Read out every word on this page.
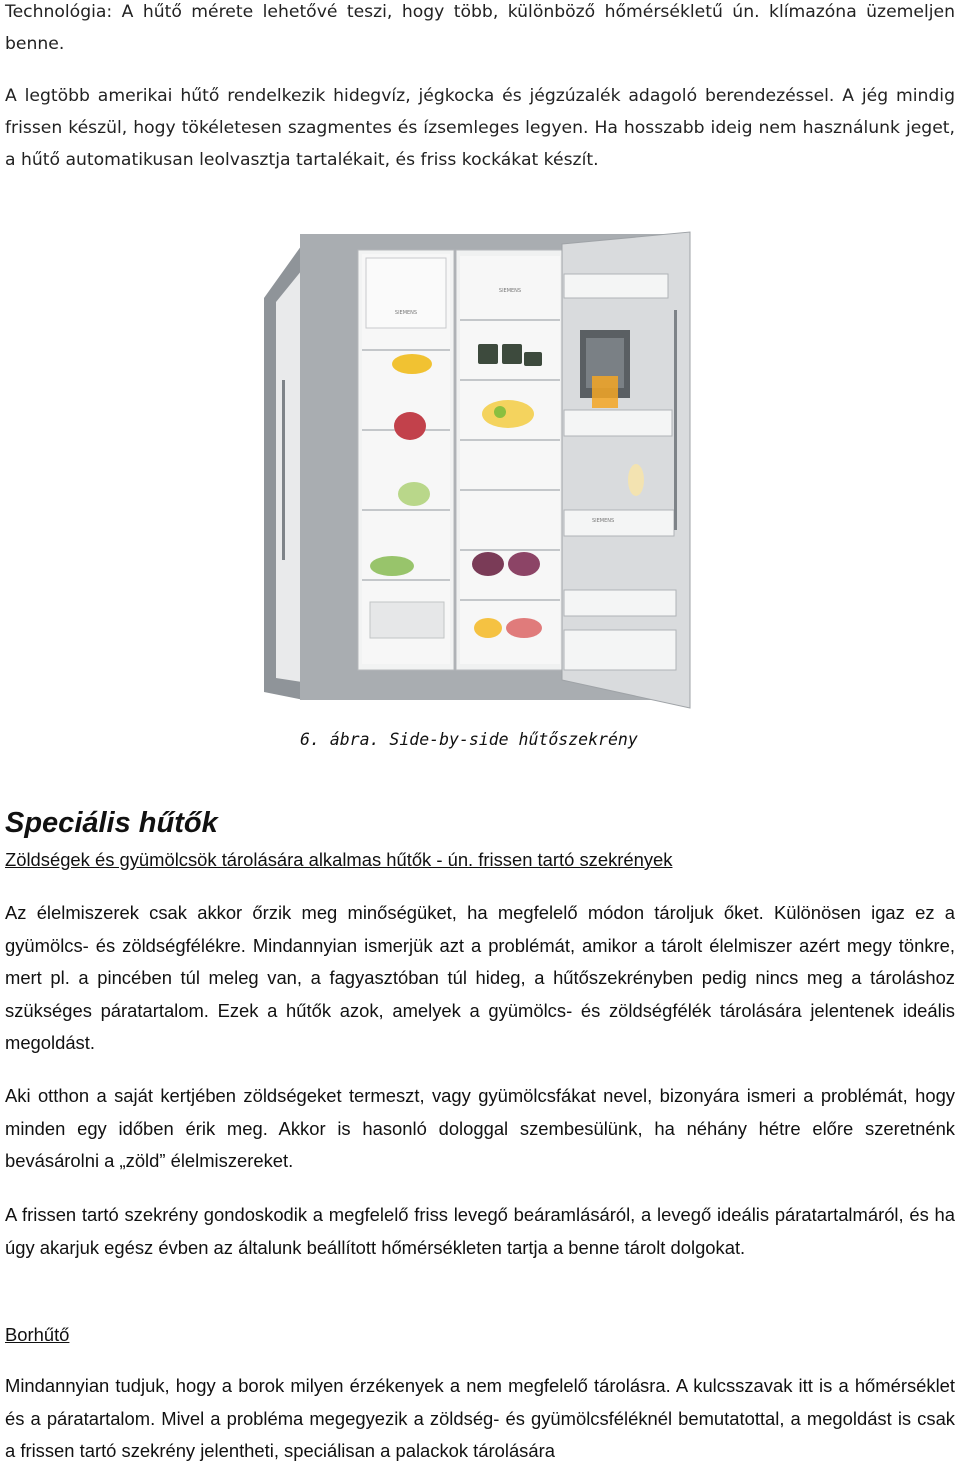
Technológia: A hűtő mérete lehetővé teszi, hogy több, különböző hőmérsékletű ún. klímazóna üzemeljen benne.

A legtöbb amerikai hűtő rendelkezik hidegvíz, jégkocka és jégzúzalék adagoló berendezéssel. A jég mindig frissen készül, hogy tökéletesen szagmentes és ízsemleges legyen. Ha hosszabb ideig nem használunk jeget, a hűtő automatikusan leolvasztja tartalékait, és friss kockákat készít.

SIEMENS
SIEMENS
SIEMENS
6. ábra. Side-by-side hűtőszekrény
Speciális hűtők

Zöldségek és gyümölcsök tárolására alkalmas hűtők - ún. frissen tartó szekrények

Az élelmiszerek csak akkor őrzik meg minőségüket, ha megfelelő módon tároljuk őket. Különösen igaz ez a gyümölcs- és zöldségfélékre. Mindannyian ismerjük azt a problémát, amikor a tárolt élelmiszer azért megy tönkre, mert pl. a pincében túl meleg van, a fagyasztóban túl hideg, a hűtőszekrényben pedig nincs meg a tároláshoz szükséges páratartalom. Ezek a hűtők azok, amelyek a gyümölcs- és zöldségfélék tárolására jelentenek ideális megoldást.

Aki otthon a saját kertjében zöldségeket termeszt, vagy gyümölcsfákat nevel, bizonyára ismeri a problémát, hogy minden egy időben érik meg. Akkor is hasonló dologgal szembesülünk, ha néhány hétre előre szeretnénk bevásárolni a „zöld” élelmiszereket.

A frissen tartó szekrény gondoskodik a megfelelő friss levegő beáramlásáról, a levegő ideális páratartalmáról, és ha úgy akarjuk egész évben az általunk beállított hőmérsékleten tartja a benne tárolt dolgokat.

Borhűtő

Mindannyian tudjuk, hogy a borok milyen érzékenyek a nem megfelelő tárolásra. A kulcsszavak itt is a hőmérséklet és a páratartalom. Mivel a probléma megegyezik a zöldség- és gyümölcsféléknél bemutatottal, a megoldást is csak a frissen tartó szekrény jelentheti, speciálisan a palackok tárolására
